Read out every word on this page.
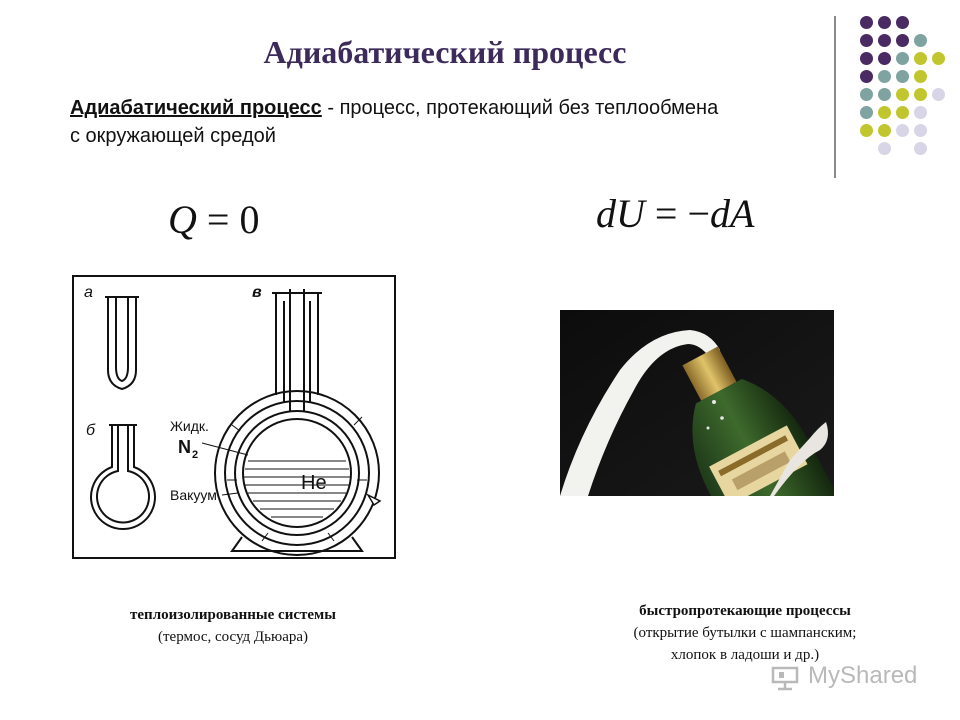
Адиабатический процесс
Адиабатический процесс - процесс, протекающий без теплообмена с окружающей средой
Q = 0	dU = −dA
а
б
в
Жидк.
N 2
He
Вакуум
теплоизолированные системы
(термос, сосуд Дьюара)
быстропротекающие процессы
(открытие бутылки с шампанским;
хлопок в ладоши и др.)
MyShared
